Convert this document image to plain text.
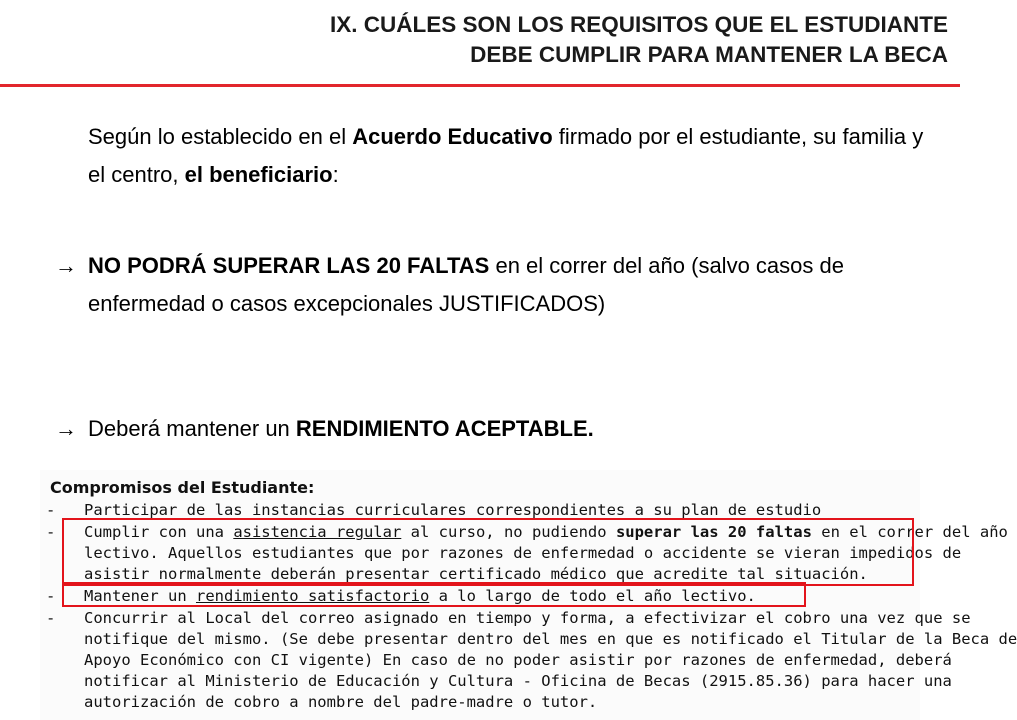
IX. CUÁLES SON LOS REQUISITOS QUE EL ESTUDIANTE
DEBE CUMPLIR PARA MANTENER LA BECA
Según lo establecido en el Acuerdo Educativo firmado por el estudiante, su familia y el centro, el beneficiario:
→ NO PODRÁ SUPERAR LAS 20 FALTAS en el correr del año (salvo casos de enfermedad o casos excepcionales JUSTIFICADOS)
→ Deberá mantener un RENDIMIENTO ACEPTABLE.
Compromisos del Estudiante:
- Participar de las instancias curriculares correspondientes a su plan de estudio
- Cumplir con una asistencia regular al curso, no pudiendo superar las 20 faltas en el correr del año
lectivo. Aquellos estudiantes que por razones de enfermedad o accidente se vieran impedidos de
asistir normalmente deberán presentar certificado médico que acredite tal situación.
- Mantener un rendimiento satisfactorio a lo largo de todo el año lectivo.
- Concurrir al Local del correo asignado en tiempo y forma, a efectivizar el cobro una vez que se
notifique del mismo. (Se debe presentar dentro del mes en que es notificado el Titular de la Beca de
Apoyo Económico con CI vigente) En caso de no poder asistir por razones de enfermedad, deberá
notificar al Ministerio de Educación y Cultura - Oficina de Becas (2915.85.36) para hacer una
autorización de cobro a nombre del padre-madre o tutor.
